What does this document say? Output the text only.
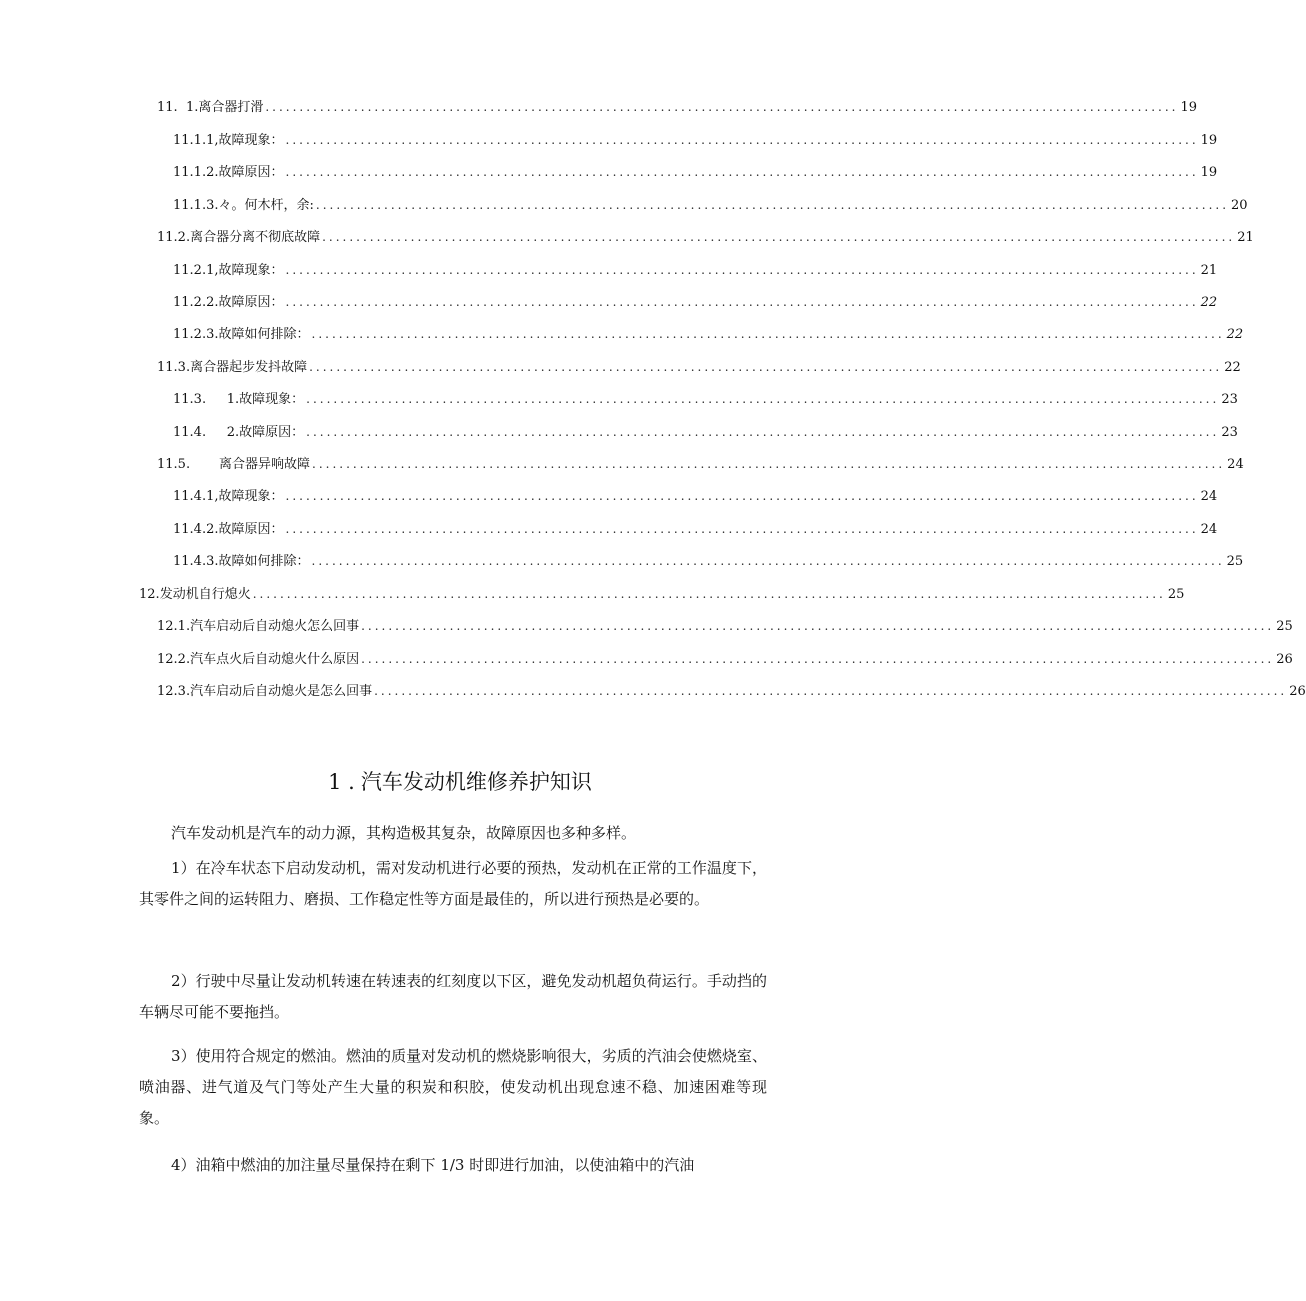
11.  1. 离合器打滑 ...................................................................................................................................... 19
11.1.1, 故障现象： ...................................................................................................................................... 19
11.1.2. 故障原因： ...................................................................................................................................... 19
11.1.3. 々。何木杆，余: ...................................................................................................................................... 20
11.2. 离合器分离不彻底故障 ...................................................................................................................................... 21
11.2.1, 故障现象： ...................................................................................................................................... 21
11.2.2. 故障原因： ...................................................................................................................................... 22
11.2.3. 故障如何排除： ...................................................................................................................................... 22
11.3. 离合器起步发抖故障 ...................................................................................................................................... 22
11.3.     1. 故障现象： ...................................................................................................................................... 23
11.4.     2. 故障原因： ...................................................................................................................................... 23
11.5. 离合器异响故障 ...................................................................................................................................... 24
11.4.1, 故障现象： ...................................................................................................................................... 24
11.4.2. 故障原因： ...................................................................................................................................... 24
11.4.3. 故障如何排除： ...................................................................................................................................... 25
12. 发动机自行熄火 ...................................................................................................................................... 25
12.1. 汽车启动后自动熄火怎么回事 ...................................................................................................................................... 25
12.2. 汽车点火后自动熄火什么原因 ...................................................................................................................................... 26
12.3. 汽车启动后自动熄火是怎么回事 ...................................................................................................................................... 26
1 . 汽车发动机维修养护知识

汽车发动机是汽车的动力源，其构造极其复杂，故障原因也多种多样。

1）在冷车状态下启动发动机，需对发动机进行必要的预热，发动机在正常的工作温度下，其零件之间的运转阻力、磨损、工作稳定性等方面是最佳的，所以进行预热是必要的。

2）行驶中尽量让发动机转速在转速表的红刻度以下区，避免发动机超负荷运行。手动挡的车辆尽可能不要拖挡。

3）使用符合规定的燃油。燃油的质量对发动机的燃烧影响很大，劣质的汽油会使燃烧室、喷油器、进气道及气门等处产生大量的积炭和积胶，使发动机出现怠速不稳、加速困难等现象。

4）油箱中燃油的加注量尽量保持在剩下 1/3 时即进行加油，以使油箱中的汽油
